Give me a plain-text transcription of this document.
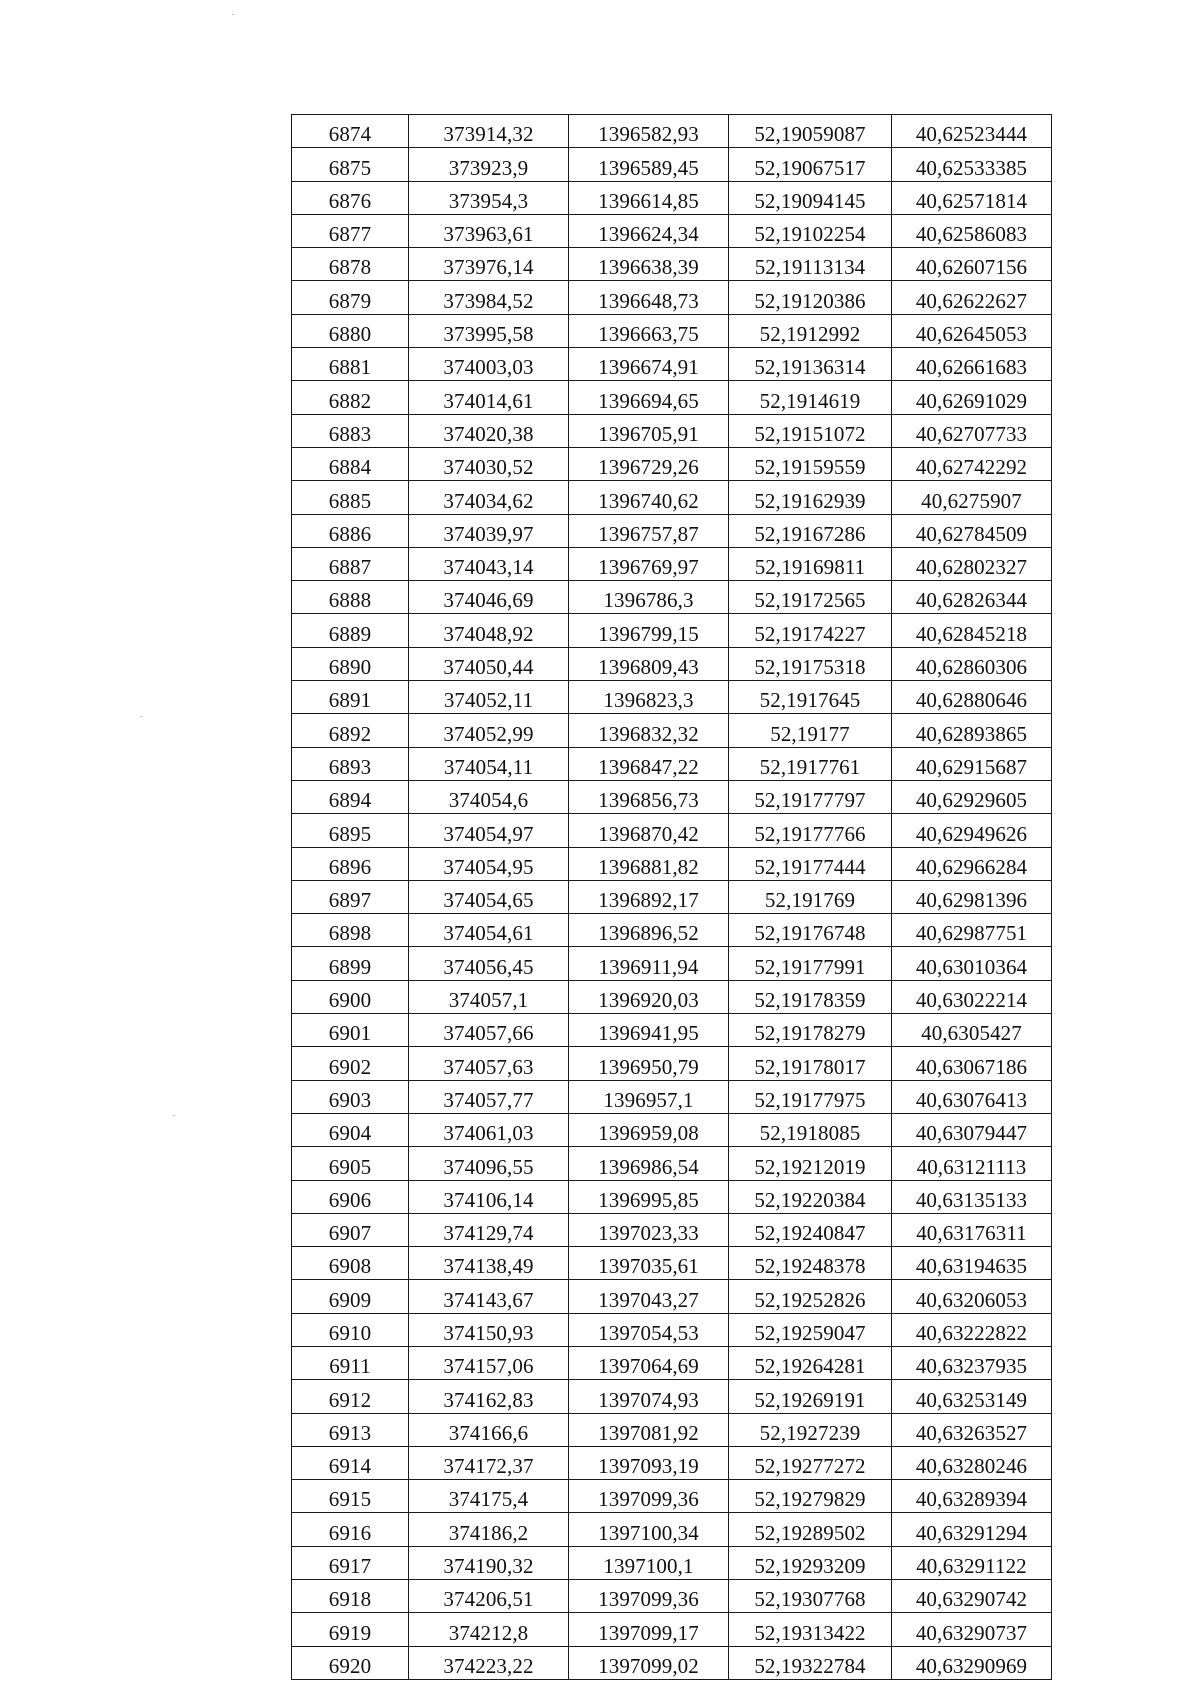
6874	373914,32	1396582,93	52,19059087	40,62523444
6875	373923,9	1396589,45	52,19067517	40,62533385
6876	373954,3	1396614,85	52,19094145	40,62571814
6877	373963,61	1396624,34	52,19102254	40,62586083
6878	373976,14	1396638,39	52,19113134	40,62607156
6879	373984,52	1396648,73	52,19120386	40,62622627
6880	373995,58	1396663,75	52,1912992	40,62645053
6881	374003,03	1396674,91	52,19136314	40,62661683
6882	374014,61	1396694,65	52,1914619	40,62691029
6883	374020,38	1396705,91	52,19151072	40,62707733
6884	374030,52	1396729,26	52,19159559	40,62742292
6885	374034,62	1396740,62	52,19162939	40,6275907
6886	374039,97	1396757,87	52,19167286	40,62784509
6887	374043,14	1396769,97	52,19169811	40,62802327
6888	374046,69	1396786,3	52,19172565	40,62826344
6889	374048,92	1396799,15	52,19174227	40,62845218
6890	374050,44	1396809,43	52,19175318	40,62860306
6891	374052,11	1396823,3	52,1917645	40,62880646
6892	374052,99	1396832,32	52,19177	40,62893865
6893	374054,11	1396847,22	52,1917761	40,62915687
6894	374054,6	1396856,73	52,19177797	40,62929605
6895	374054,97	1396870,42	52,19177766	40,62949626
6896	374054,95	1396881,82	52,19177444	40,62966284
6897	374054,65	1396892,17	52,191769	40,62981396
6898	374054,61	1396896,52	52,19176748	40,62987751
6899	374056,45	1396911,94	52,19177991	40,63010364
6900	374057,1	1396920,03	52,19178359	40,63022214
6901	374057,66	1396941,95	52,19178279	40,6305427
6902	374057,63	1396950,79	52,19178017	40,63067186
6903	374057,77	1396957,1	52,19177975	40,63076413
6904	374061,03	1396959,08	52,1918085	40,63079447
6905	374096,55	1396986,54	52,19212019	40,63121113
6906	374106,14	1396995,85	52,19220384	40,63135133
6907	374129,74	1397023,33	52,19240847	40,63176311
6908	374138,49	1397035,61	52,19248378	40,63194635
6909	374143,67	1397043,27	52,19252826	40,63206053
6910	374150,93	1397054,53	52,19259047	40,63222822
6911	374157,06	1397064,69	52,19264281	40,63237935
6912	374162,83	1397074,93	52,19269191	40,63253149
6913	374166,6	1397081,92	52,1927239	40,63263527
6914	374172,37	1397093,19	52,19277272	40,63280246
6915	374175,4	1397099,36	52,19279829	40,63289394
6916	374186,2	1397100,34	52,19289502	40,63291294
6917	374190,32	1397100,1	52,19293209	40,63291122
6918	374206,51	1397099,36	52,19307768	40,63290742
6919	374212,8	1397099,17	52,19313422	40,63290737
6920	374223,22	1397099,02	52,19322784	40,63290969
